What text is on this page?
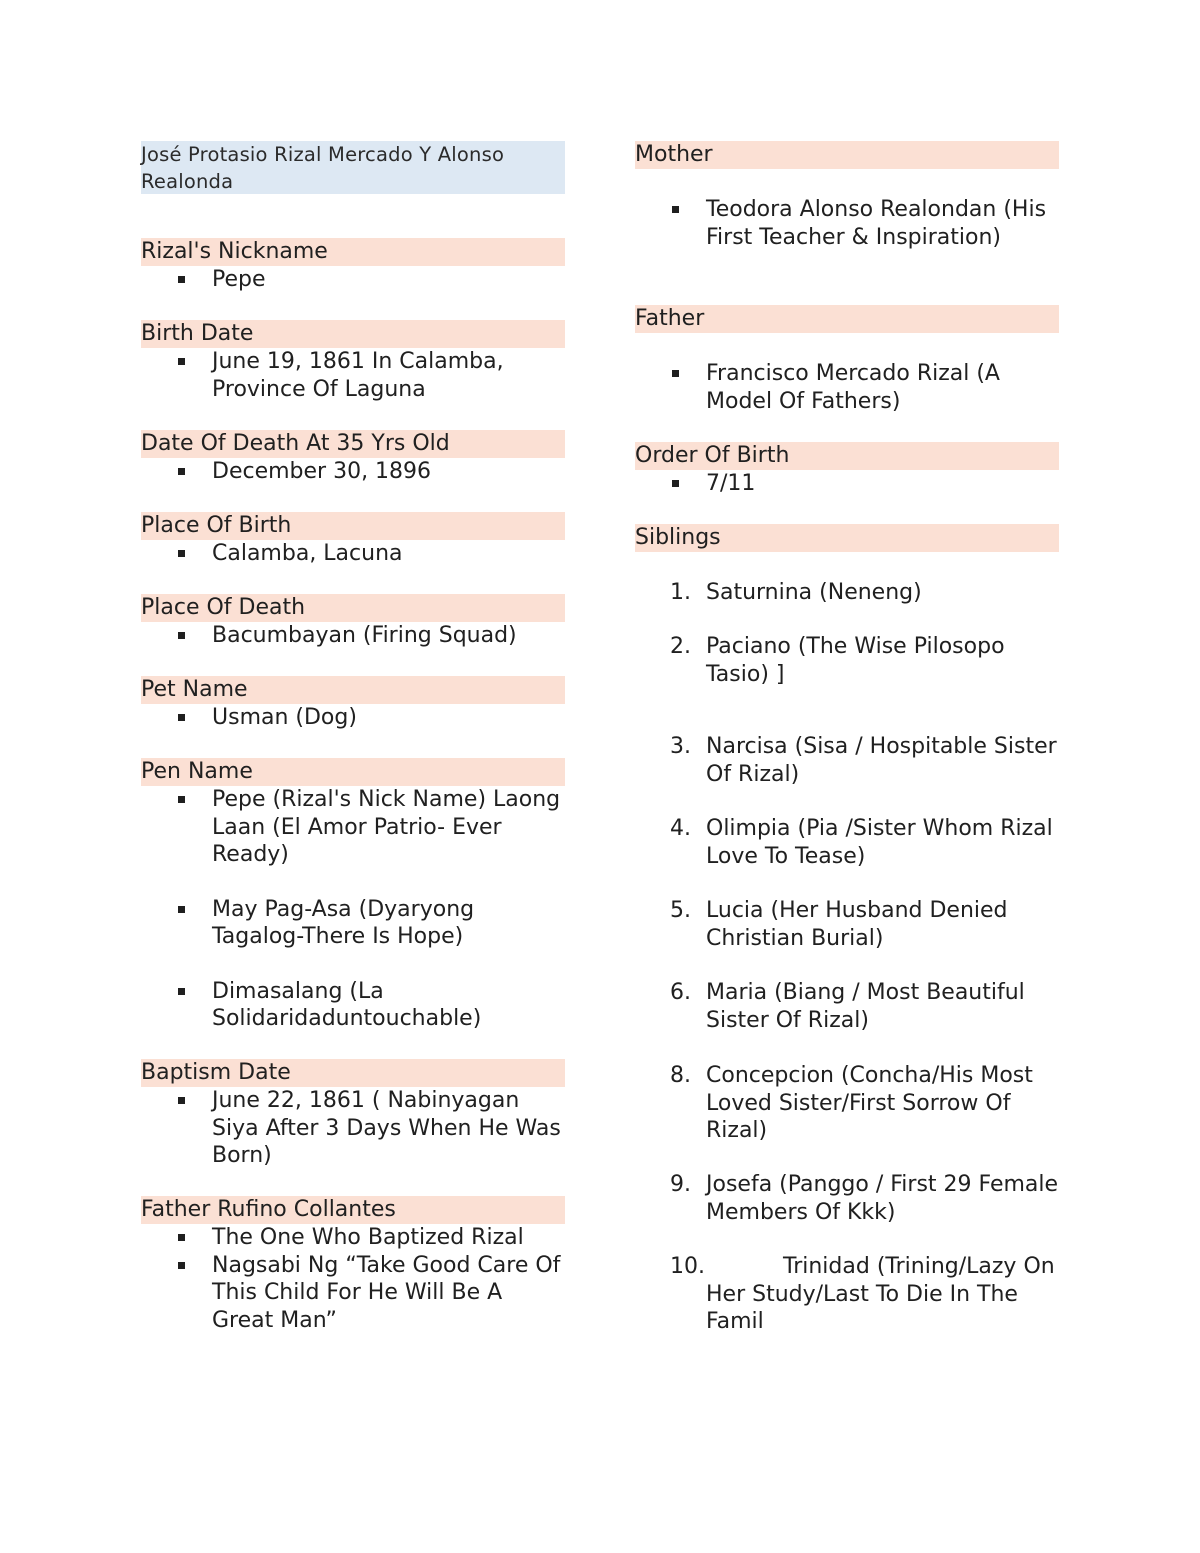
José Protasio Rizal Mercado Y Alonso Realonda
Rizal's Nickname
Pepe
Birth Date
June 19, 1861 In Calamba, Province Of Laguna
Date Of Death At 35 Yrs Old
December 30, 1896
Place Of Birth
Calamba, Lacuna
Place Of Death
Bacumbayan (Firing Squad)
Pet Name
Usman (Dog)
Pen Name
Pepe (Rizal's Nick Name) Laong Laan (El Amor Patrio- Ever Ready)
May Pag-Asa (Dyaryong Tagalog-There Is Hope)
Dimasalang (La Solidaridaduntouchable)
Baptism Date
June 22, 1861 ( Nabinyagan Siya After 3 Days When He Was Born)
Father Rufino Collantes
The One Who Baptized Rizal
Nagsabi Ng “Take Good Care Of This Child For He Will Be A Great Man”
Mother
Teodora Alonso Realondan (His First Teacher & Inspiration)
Father
Francisco Mercado Rizal (A Model Of Fathers)
Order Of Birth
7/11
Siblings
1. Saturnina (Neneng)
2. Paciano (The Wise Pilosopo Tasio) ]
3. Narcisa (Sisa / Hospitable Sister Of Rizal)
4. Olimpia (Pia /Sister Whom Rizal Love To Tease)
5. Lucia (Her Husband Denied Christian Burial)
6. Maria (Biang / Most Beautiful Sister Of Rizal)
8. Concepcion (Concha/His Most Loved Sister/First Sorrow Of Rizal)
9. Josefa (Panggo / First 29 Female Members Of Kkk)
10.	Trinidad (Trining/Lazy On Her Study/Last To Die In The Famil
